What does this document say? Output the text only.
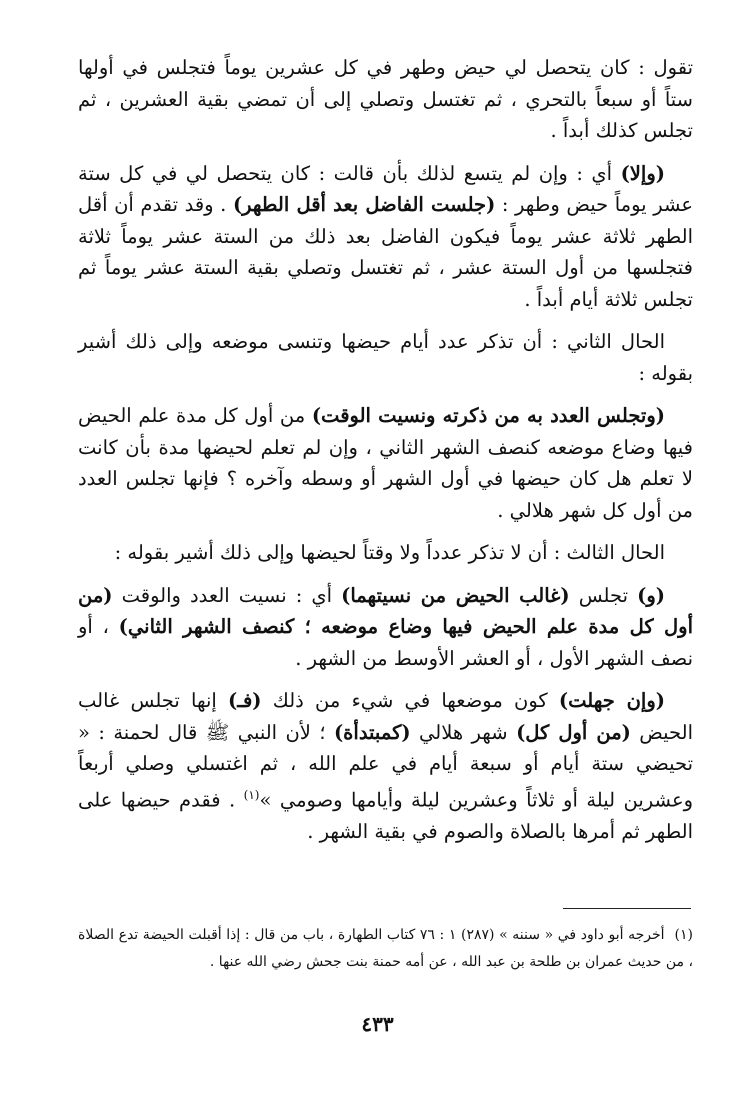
تقول : كان يتحصل لي حيض وطهر في كل عشرين يوماً فتجلس في أولها ستاً أو سبعاً بالتحري ، ثم تغتسل وتصلي إلى أن تمضي بقية العشرين ، ثم تجلس كذلك أبداً .

(وإلا) أي : وإن لم يتسع لذلك بأن قالت : كان يتحصل لي في كل ستة عشر يوماً حيض وطهر : (جلست الفاضل بعد أقل الطهر) . وقد تقدم أن أقل الطهر ثلاثة عشر يوماً فيكون الفاضل بعد ذلك من الستة عشر يوماً ثلاثة فتجلسها من أول الستة عشر ، ثم تغتسل وتصلي بقية الستة عشر يوماً ثم تجلس ثلاثة أيام أبداً .

الحال الثاني : أن تذكر عدد أيام حيضها وتنسى موضعه وإلى ذلك أشير بقوله :

(وتجلس العدد به من ذكرته ونسيت الوقت) من أول كل مدة علم الحيض فيها وضاع موضعه كنصف الشهر الثاني ، وإن لم تعلم لحيضها مدة بأن كانت لا تعلم هل كان حيضها في أول الشهر أو وسطه وآخره ؟ فإنها تجلس العدد من أول كل شهر هلالي .

الحال الثالث : أن لا تذكر عدداً ولا وقتاً لحيضها وإلى ذلك أشير بقوله :

(و) تجلس (غالب الحيض من نسيتهما) أي : نسيت العدد والوقت (من أول كل مدة علم الحيض فيها وضاع موضعه ؛ كنصف الشهر الثاني) ، أو نصف الشهر الأول ، أو العشر الأوسط من الشهر .

(وإن جهلت) كون موضعها في شيء من ذلك (فـ) إنها تجلس غالب الحيض (من أول كل) شهر هلالي (كمبتدأة) ؛ لأن النبي ﷺ قال لحمنة : « تحيضي ستة أيام أو سبعة أيام في علم الله ، ثم اغتسلي وصلي أربعاً وعشرين ليلة أو ثلاثاً وعشرين ليلة وأيامها وصومي »$^{(١)}$ . فقدم حيضها على الطهر ثم أمرها بالصلاة والصوم في بقية الشهر .

(١)أخرجه أبو داود في « سننه » (٢٨٧) ١ : ٧٦ كتاب الطهارة ، باب من قال : إذا أقبلت الحيضة تدع الصلاة ، من حديث عمران بن طلحة بن عبد الله ، عن أمه حمنة بنت جحش رضي الله عنها .
٤٣٣
